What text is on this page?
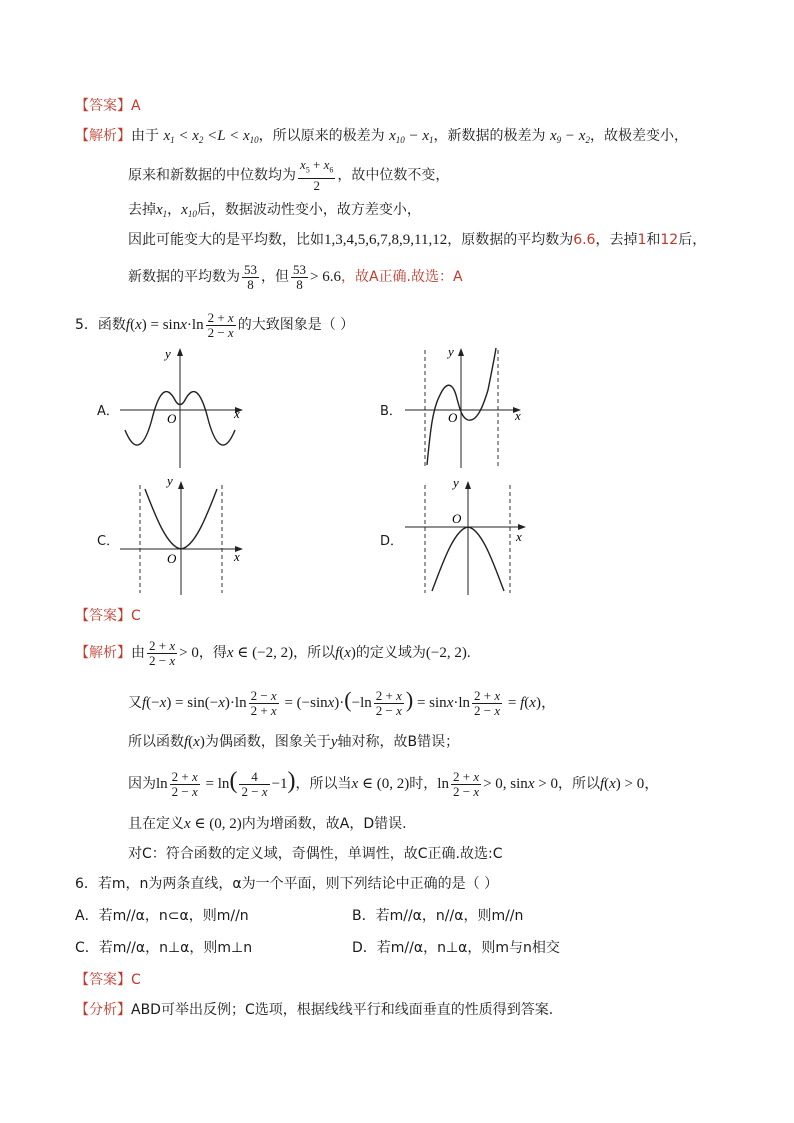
【答案】A
【解析】由于 $x_1 < x_2 <L < x_{10}$，所以原来的极差为 $x_{10} - x_1$，新数据的极差为 $x_9 - x_2$，故极差变小，
原来和新数据的中位数均为 $\frac{x_5 + x_6}{2}$ ，故中位数不变，
去掉$x_1$，$x_{10}$后，数据波动性变小，故方差变小，
因此可能变大的是平均数，比如1,3,4,5,6,7,8,9,11,12，原数据的平均数为6.6，去掉1和12后，
新数据的平均数为 $\frac{53}{8}$ ，但 $\frac{53}{8} > 6.6$，故A正确.故选：A
5．函数$f(x) = \sin x\cdot\ln \frac{2 + x}{2 - x}$ 的大致图象是（ ）
A．	x
y
O	B．	x
y
O
C．
x
y
O
D．	x
y
O
【答案】C
【解析】由 $\frac{2 + x}{2 - x} > 0$，得x ∈ (−2, 2)，所以f(x)的定义域为(−2, 2).
又$f(-x) = \sin(-x)\cdot\ln \frac{2 - x}{2 + x} = (-\sin x)\cdot(-\ln \frac{2 + x}{2 - x}$ ) = $\sin x\cdot\ln \frac{2 + x}{2 - x} = f(x)$，
所以函数f(x)为偶函数，图象关于y轴对称，故B错误；
因为$\ln \frac{2 + x}{2 - x} = \ln( \frac{4}{2 - x} -1)$，所以当x ∈ (0, 2)时，$\ln \frac{2 + x}{2 - x} > 0$, sinx > 0，所以f(x) > 0，
且在定义x ∈ (0, 2)内为增函数，故A，D错误.
对C：符合函数的定义域，奇偶性，单调性，故C正确.故选:C
6．若m，n为两条直线，α为一个平面，则下列结论中正确的是（ ）
A．若m//α，n⊂α，则m//n	B．若m//α，n//α，则m//n
C．若m//α，n⊥α，则m⊥n	D．若m//α，n⊥α，则m与n相交
【答案】C
【分析】ABD可举出反例；C选项，根据线线平行和线面垂直的性质得到答案.
